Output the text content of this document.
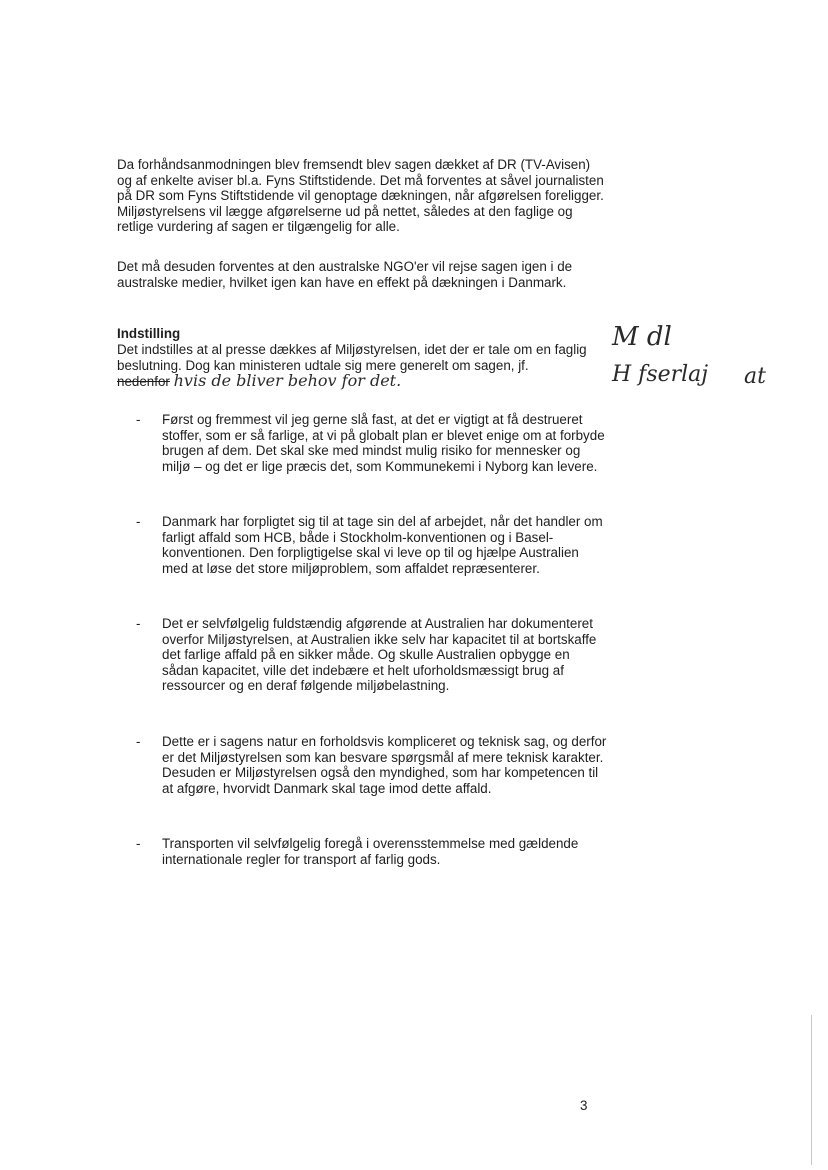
Da forhåndsanmodningen blev fremsendt blev sagen dækket af DR (TV-Avisen) og af enkelte aviser bl.a. Fyns Stiftstidende. Det må forventes at såvel journalisten på DR som Fyns Stiftstidende vil genoptage dækningen, når afgørelsen foreligger. Miljøstyrelsens vil lægge afgørelserne ud på nettet, således at den faglige og retlige vurdering af sagen er tilgængelig for alle.

Det må desuden forventes at den australske NGO'er vil rejse sagen igen i de australske medier, hvilket igen kan have en effekt på dækningen i Danmark.

Indstilling

Det indstilles at al presse dækkes af Miljøstyrelsen, idet der er tale om en faglig beslutning. Dog kan ministeren udtale sig mere generelt om sagen, jf.
nedenfor hvis de bliver behov for det.

- Først og fremmest vil jeg gerne slå fast, at det er vigtigt at få destrueret stoffer, som er så farlige, at vi på globalt plan er blevet enige om at forbyde brugen af dem. Det skal ske med mindst mulig risiko for mennesker og miljø – og det er lige præcis det, som Kommunekemi i Nyborg kan levere.

- Danmark har forpligtet sig til at tage sin del af arbejdet, når det handler om farligt affald som HCB, både i Stockholm-konventionen og i Basel-konventionen. Den forpligtigelse skal vi leve op til og hjælpe Australien med at løse det store miljøproblem, som affaldet repræsenterer.

- Det er selvfølgelig fuldstændig afgørende at Australien har dokumenteret overfor Miljøstyrelsen, at Australien ikke selv har kapacitet til at bortskaffe det farlige affald på en sikker måde. Og skulle Australien opbygge en sådan kapacitet, ville det indebære et helt uforholdsmæssigt brug af ressourcer og en deraf følgende miljøbelastning.

- Dette er i sagens natur en forholdsvis kompliceret og teknisk sag, og derfor er det Miljøstyrelsen som kan besvare spørgsmål af mere teknisk karakter. Desuden er Miljøstyrelsen også den myndighed, som har kompetencen til at afgøre, hvorvidt Danmark skal tage imod dette affald.

- Transporten vil selvfølgelig foregå i overensstemmelse med gældende internationale regler for transport af farlig gods.

M dl
H fserlaj at
3
